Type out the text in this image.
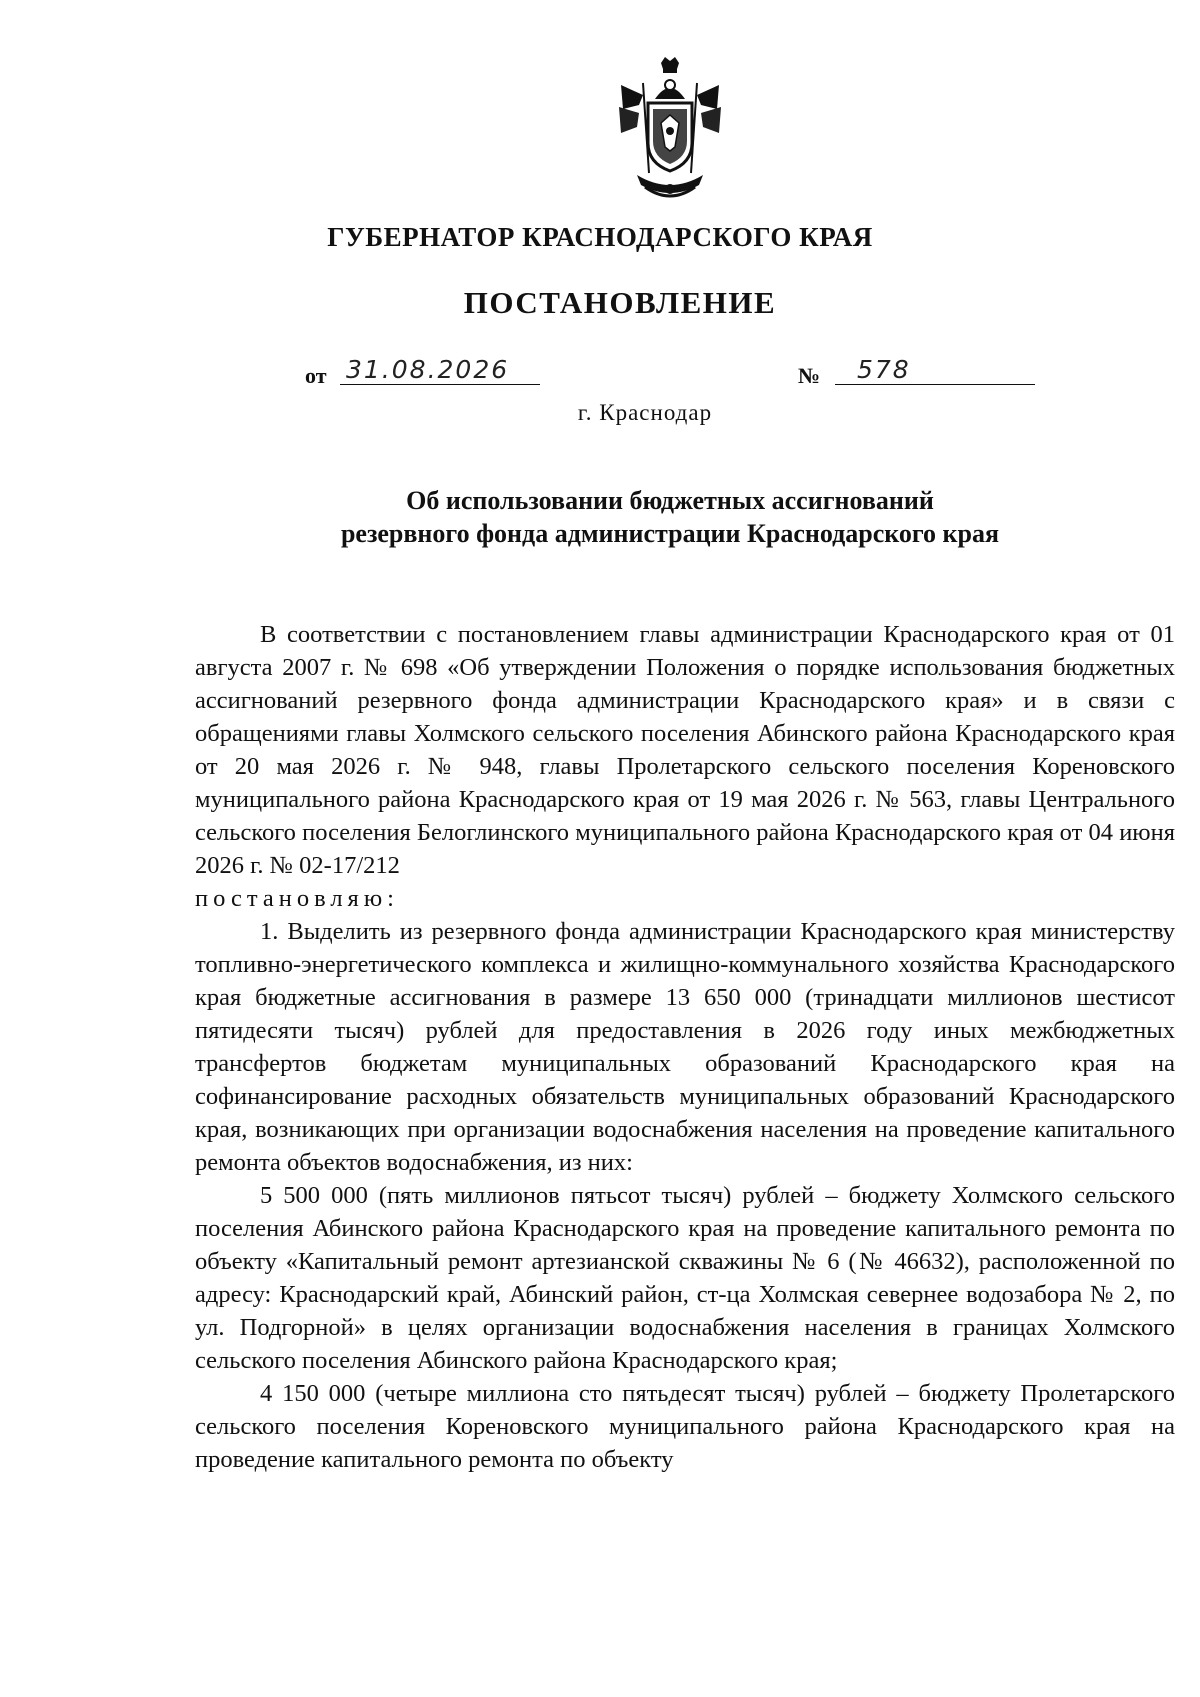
ГУБЕРНАТОР КРАСНОДАРСКОГО КРАЯ
ПОСТАНОВЛЕНИЕ
от 31.08.2026	№	578
г. Краснодар
Об использовании бюджетных ассигнований
резервного фонда администрации Краснодарского края

В соответствии с постановлением главы администрации Краснодарского края от 01 августа 2007 г. № 698 «Об утверждении Положения о порядке использования бюджетных ассигнований резервного фонда администрации Краснодарского края» и в связи с обращениями главы Холмского сельского поселения Абинского района Краснодарского края от 20 мая 2026 г. № 948, главы Пролетарского сельского поселения Кореновского муниципального района Краснодарского края от 19 мая 2026 г. № 563, главы Центрального сельского поселения Белоглинского муниципального района Краснодарского края от 04 июня 2026 г. № 02-17/212

постановляю:

1. Выделить из резервного фонда администрации Краснодарского края министерству топливно-энергетического комплекса и жилищно-коммунального хозяйства Краснодарского края бюджетные ассигнования в размере 13 650 000 (тринадцати миллионов шестисот пятидесяти тысяч) рублей для предоставления в 2026 году иных межбюджетных трансфертов бюджетам муниципальных образований Краснодарского края на софинансирование расходных обязательств муниципальных образований Краснодарского края, возникающих при организации водоснабжения населения на проведение капитального ремонта объектов водоснабжения, из них:

5 500 000 (пять миллионов пятьсот тысяч) рублей – бюджету Холмского сельского поселения Абинского района Краснодарского края на проведение капитального ремонта по объекту «Капитальный ремонт артезианской скважины № 6 (№ 46632), расположенной по адресу: Краснодарский край, Абинский район, ст-ца Холмская севернее водозабора № 2, по ул. Подгорной» в целях организации водоснабжения населения в границах Холмского сельского поселения Абинского района Краснодарского края;

4 150 000 (четыре миллиона сто пятьдесят тысяч) рублей – бюджету Пролетарского сельского поселения Кореновского муниципального района Краснодарского края на проведение капитального ремонта по объекту
